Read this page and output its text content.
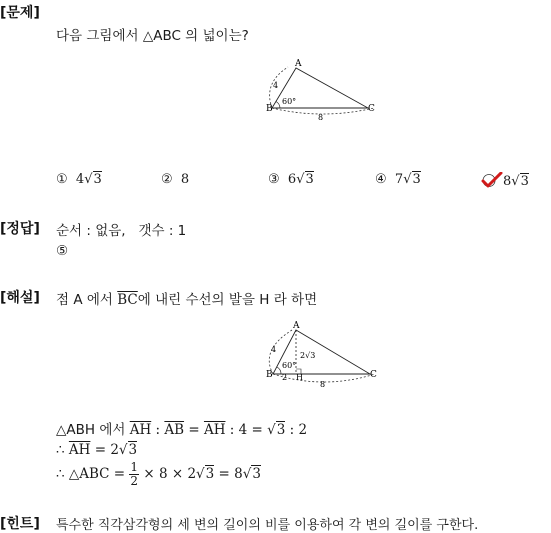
[문제]
다음 그림에서 △ABC 의 넓이는?
A
B	C
4
60°
8
① 4√3	② 8	③ 6√3	④ 7√3	8√3
[정답] 순서 : 없음,   갯수 : 1
⑤
[해설] 점 A 에서 $\overline{BC}$에 내린 수선의 발을 H 라 하면
A
B	C
H
4
60°
2
2√3
8
△ABH 에서 $\overline{AH}$ : $\overline{AB} = \overline{AH}$ : 4 = √3 : 2
∴ $\overline{AH} = 2√3$
∴ △ABC = $\frac{1}{2} \times 8 \times 2√3 = 8√3$
[힌트] 특수한 직각삼각형의 세 변의 길이의 비를 이용하여 각 변의 길이를 구한다.
